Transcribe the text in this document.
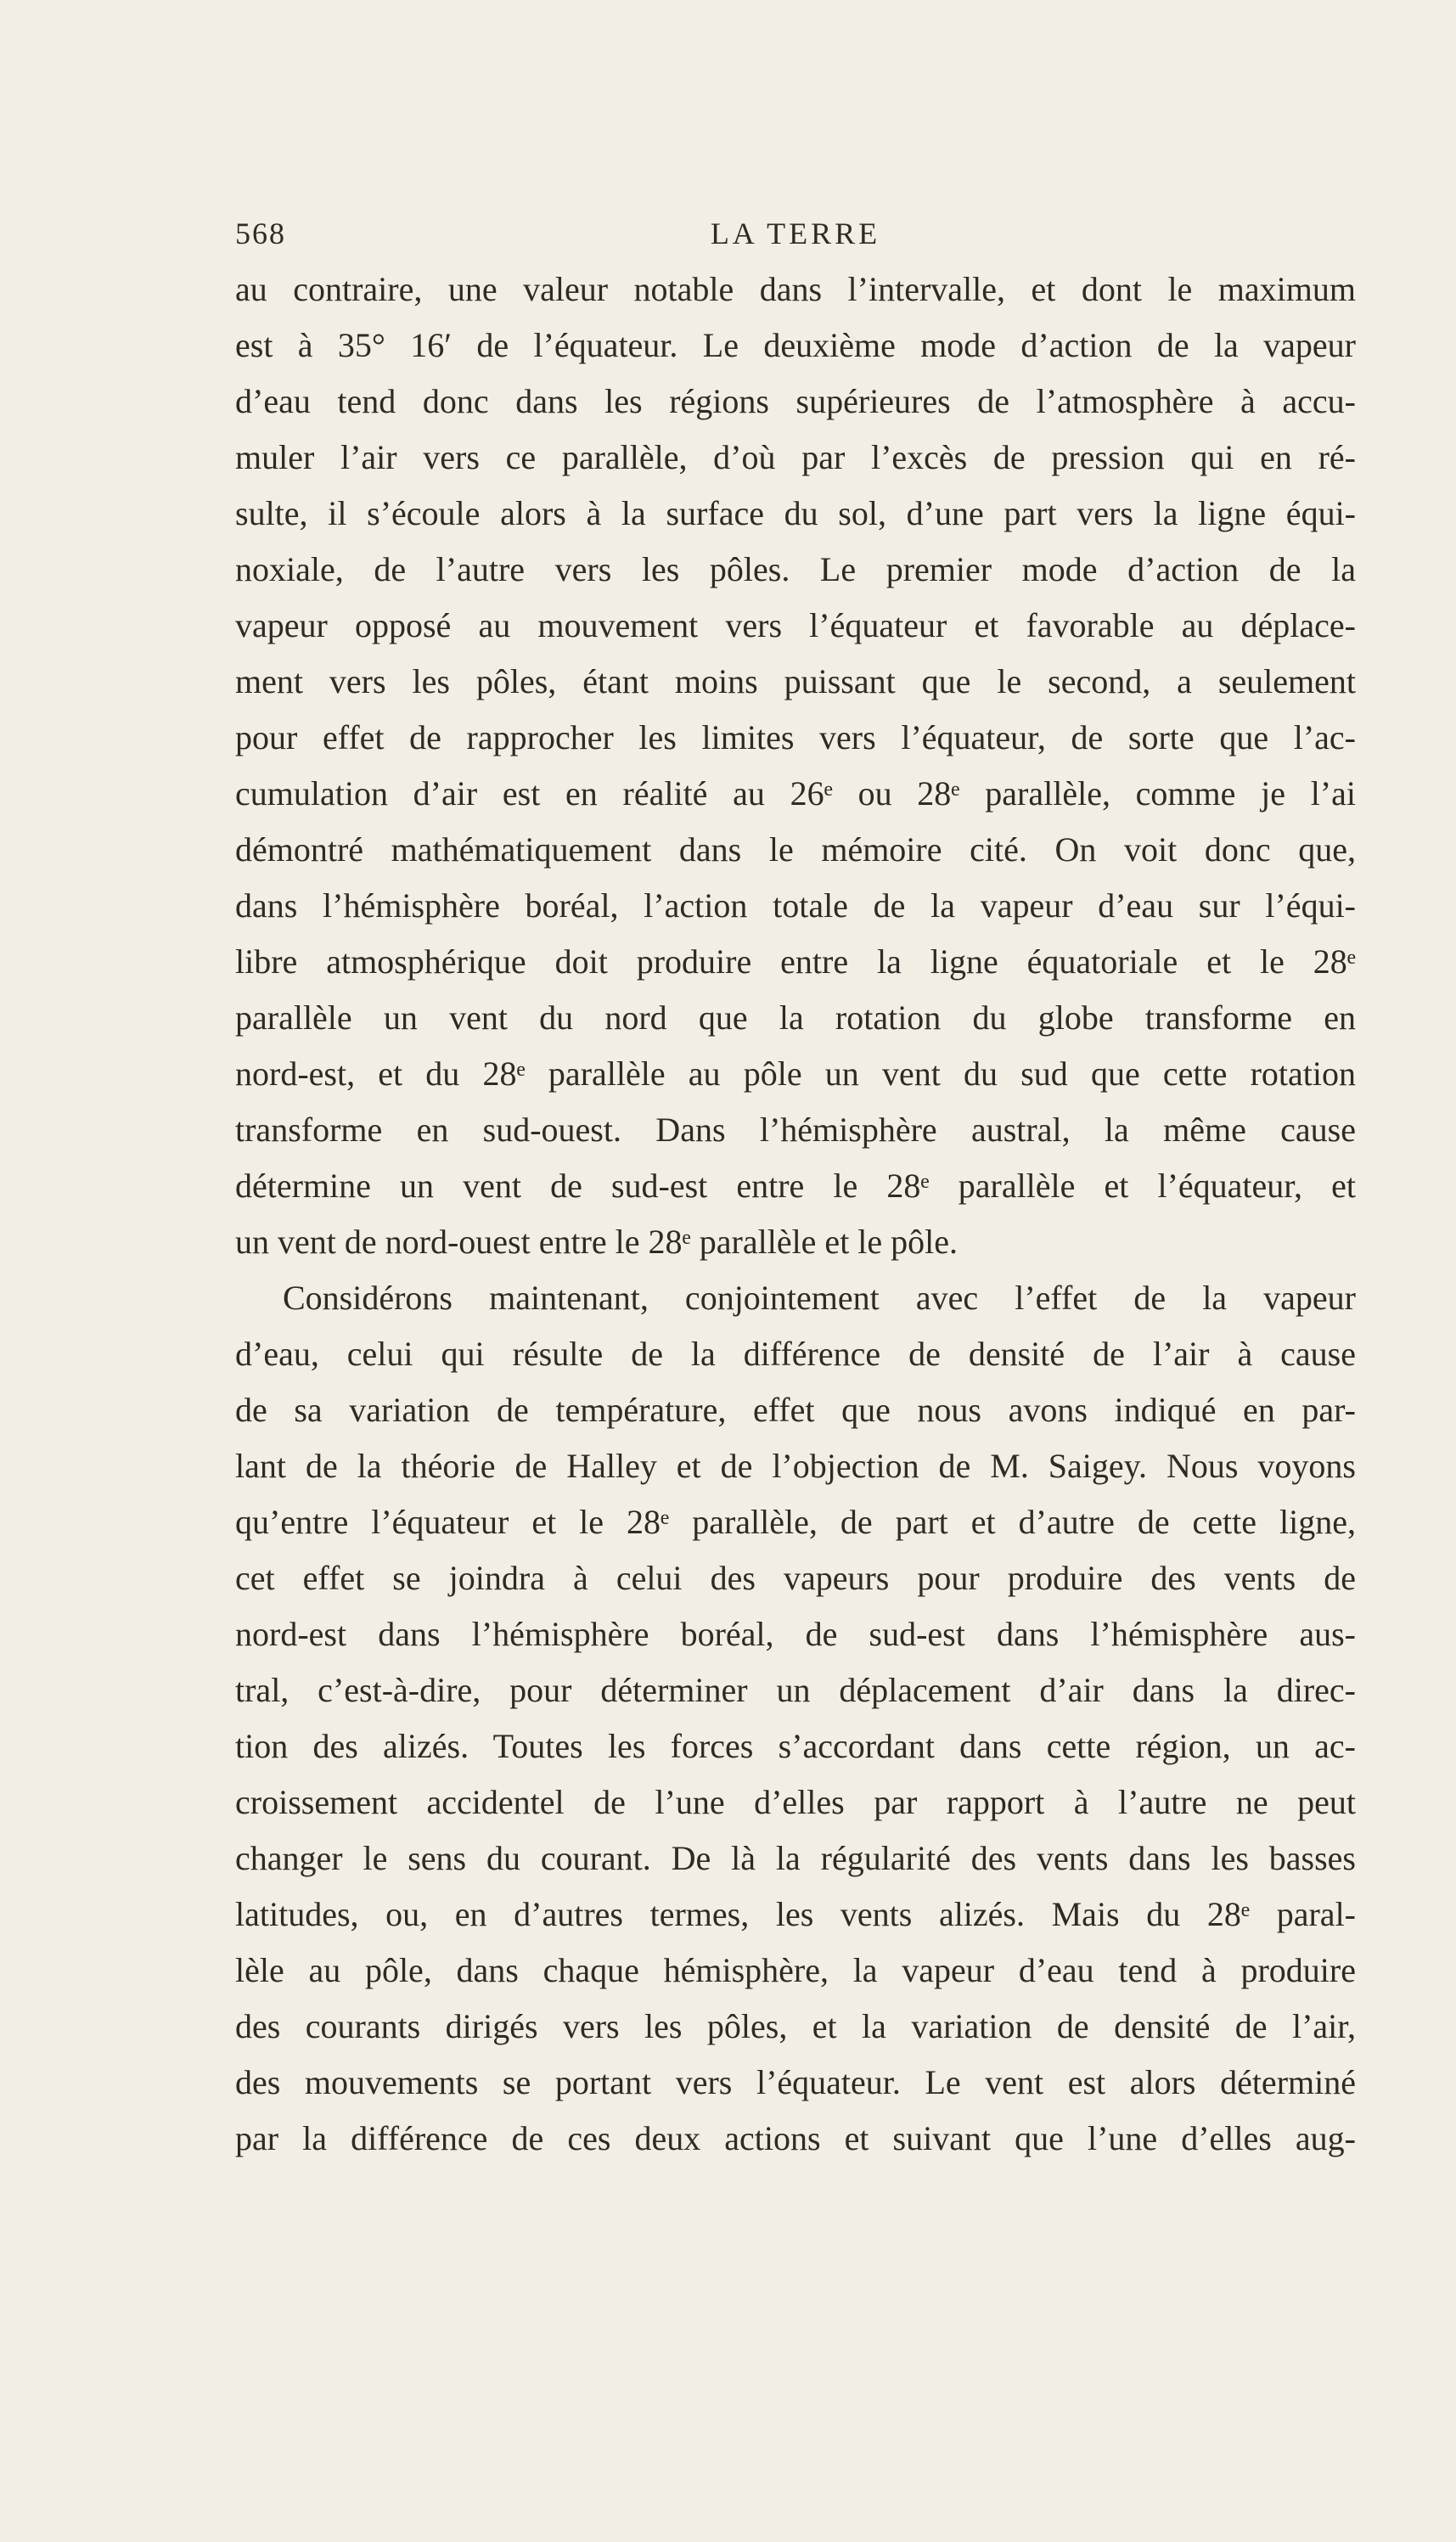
568	LA TERRE
au contraire, une valeur notable dans l’intervalle, et dont le maximum
est à 35° 16′ de l’équateur. Le deuxième mode d’action de la vapeur
d’eau tend donc dans les régions supérieures de l’atmosphère à accu-
muler l’air vers ce parallèle, d’où par l’excès de pression qui en ré-
sulte, il s’écoule alors à la surface du sol, d’une part vers la ligne équi-
noxiale, de l’autre vers les pôles. Le premier mode d’action de la
vapeur opposé au mouvement vers l’équateur et favorable au déplace-
ment vers les pôles, étant moins puissant que le second, a seulement
pour effet de rapprocher les limites vers l’équateur, de sorte que l’ac-
cumulation d’air est en réalité au 26ᵉ ou 28ᵉ parallèle, comme je l’ai
démontré mathématiquement dans le mémoire cité. On voit donc que,
dans l’hémisphère boréal, l’action totale de la vapeur d’eau sur l’équi-
libre atmosphérique doit produire entre la ligne équatoriale et le 28ᵉ
parallèle un vent du nord que la rotation du globe transforme en
nord-est, et du 28ᵉ parallèle au pôle un vent du sud que cette rotation
transforme en sud-ouest. Dans l’hémisphère austral, la même cause
détermine un vent de sud-est entre le 28ᵉ parallèle et l’équateur, et
un vent de nord-ouest entre le 28ᵉ parallèle et le pôle.
Considérons maintenant, conjointement avec l’effet de la vapeur
d’eau, celui qui résulte de la différence de densité de l’air à cause
de sa variation de température, effet que nous avons indiqué en par-
lant de la théorie de Halley et de l’objection de M. Saigey. Nous voyons
qu’entre l’équateur et le 28ᵉ parallèle, de part et d’autre de cette ligne,
cet effet se joindra à celui des vapeurs pour produire des vents de
nord-est dans l’hémisphère boréal, de sud-est dans l’hémisphère aus-
tral, c’est-à-dire, pour déterminer un déplacement d’air dans la direc-
tion des alizés. Toutes les forces s’accordant dans cette région, un ac-
croissement accidentel de l’une d’elles par rapport à l’autre ne peut
changer le sens du courant. De là la régularité des vents dans les basses
latitudes, ou, en d’autres termes, les vents alizés. Mais du 28ᵉ paral-
lèle au pôle, dans chaque hémisphère, la vapeur d’eau tend à produire
des courants dirigés vers les pôles, et la variation de densité de l’air,
des mouvements se portant vers l’équateur. Le vent est alors déterminé
par la différence de ces deux actions et suivant que l’une d’elles aug-
